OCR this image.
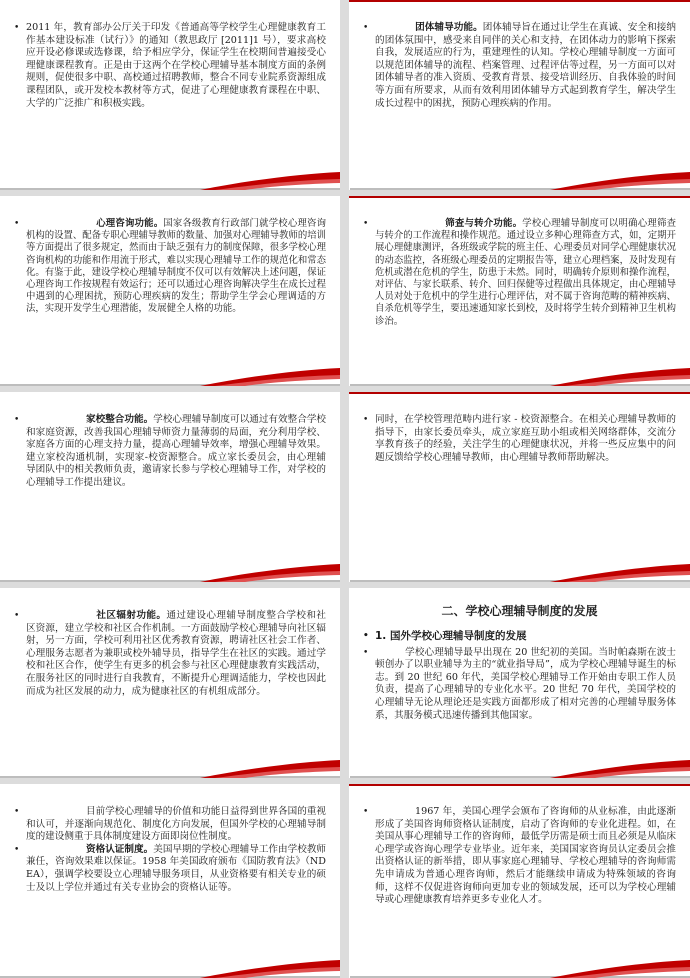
• 2011 年，教育部办公厅关于印发《普通高等学校学生心理健康教育工作基本建设标准（试行）》的通知（教思政厅 [2011]1 号），要求高校应开设必修课或选修课，给予相应学分，保证学生在校期间普遍接受心理健康课程教育。正是由于这两个在学校心理辅导基本制度方面的条例规则，促使很多中职、高校通过招聘教师，整合不同专业院系资源组成课程团队，或开发校本教材等方式，促进了心理健康教育课程在中职、大学的广泛推广和积极实践。
•	团体辅导功能。团体辅导旨在通过让学生在真诚、安全和接纳的团体氛围中，感受来自同伴的关心和支持，在团体动力的影响下探索自我，发展适应的行为，重建理性的认知。学校心理辅导制度一方面可以规范团体辅导的流程、档案管理、过程评估等过程，另一方面可以对团体辅导者的准入资质、受教育背景、接受培训经历、自我体验的时间等方面有所要求，从而有效利用团体辅导方式起到教育学生，解决学生成长过程中的困扰，预防心理疾病的作用。
•	心理咨询功能。国家各级教育行政部门就学校心理咨询机构的设置、配备专职心理辅导教师的数量、加强对心理辅导教师的培训等方面提出了很多规定，然而由于缺乏强有力的制度保障，很多学校心理咨询机构的功能和作用流于形式，难以实现心理辅导工作的规范化和常态化。有鉴于此，建设学校心理辅导制度不仅可以有效解决上述问题，保证心理咨询工作按规程有效运行；还可以通过心理咨询解决学生在成长过程中遇到的心理困扰，预防心理疾病的发生；帮助学生学会心理调适的方法，实现开发学生心理潜能，发展健全人格的功能。
•	筛查与转介功能。学校心理辅导制度可以明确心理筛查与转介的工作流程和操作规范。通过设立多种心理筛查方式，如，定期开展心理健康测评，各班级或学院的班主任、心理委员对同学心理健康状况的动态监控，各班级心理委员的定期报告等，建立心理档案，及时发现有危机或潜在危机的学生，防患于未然。同时，明确转介原则和操作流程，对评估、与家长联系、转介、回归保健等过程做出具体规定，由心理辅导人员对处于危机中的学生进行心理评估，对不属于咨询范畴的精神疾病、自杀危机等学生，要迅速通知家长到校，及时将学生转介到精神卫生机构诊治。
•	家校整合功能。学校心理辅导制度可以通过有效整合学校和家庭资源，改善我国心理辅导师资力量薄弱的局面，充分利用学校、家庭各方面的心理支持力量，提高心理辅导效率，增强心理辅导效果。建立家校沟通机制，实现家-校资源整合。成立家长委员会，由心理辅导团队中的相关教师负责，邀请家长参与学校心理辅导工作，对学校的心理辅导工作提出建议。
• 同时，在学校管理范畴内进行家 - 校资源整合。在相关心理辅导教师的指导下，由家长委员牵头，成立家庭互助小组或相关网络群体，交流分享教育孩子的经验，关注学生的心理健康状况，并将一些反应集中的问题反馈给学校心理辅导教师，由心理辅导教师帮助解决。
•	社区辐射功能。通过建设心理辅导制度整合学校和社区资源，建立学校和社区合作机制。一方面鼓励学校心理辅导向社区辐射，另一方面，学校可利用社区优秀教育资源，聘请社区社会工作者、心理服务志愿者为兼职或校外辅导员，指导学生在社区的实践。通过学校和社区合作，使学生有更多的机会参与社区心理健康教育实践活动，在服务社区的同时进行自我教育，不断提升心理调适能力，学校也因此而成为社区发展的动力，成为健康社区的有机组成部分。
二、学校心理辅导制度的发展
• 1. 国外学校心理辅导制度的发展
•	学校心理辅导最早出现在 20 世纪初的美国。当时帕森斯在波士顿创办了以职业辅导为主的“就业指导局”，成为学校心理辅导诞生的标志。到 20 世纪 60 年代，美国学校心理辅导工作开始由专职工作人员负责，提高了心理辅导的专业化水平。20 世纪 70 年代，美国学校的心理辅导无论从理论还是实践方面都形成了相对完善的心理辅导服务体系，其服务模式迅速传播到其他国家。
•	目前学校心理辅导的价值和功能日益得到世界各国的重视和认可，并逐渐向规范化、制度化方向发展，但国外学校的心理辅导制度的建设侧重于具体制度建设方面即岗位性制度。
•	资格认证制度。美国早期的学校心理辅导工作由学校教师兼任，咨询效果难以保证。1958 年美国政府颁布《国防教育法》（NDEA），强调学校要设立心理辅导服务项目，从业资格要有相关专业的硕士及以上学位并通过有关专业协会的资格认证等。
•	1967 年，美国心理学会颁布了咨询师的从业标准，由此逐渐形成了美国咨询师资格认证制度，启动了咨询师的专业化进程。如，在美国从事心理辅导工作的咨询师，最低学历需是硕士而且必须是从临床心理学或咨询心理学专业毕业。近年来，美国国家咨询员认定委员会推出资格认证的新举措，即从事家庭心理辅导、学校心理辅导的咨询师需先申请成为普通心理咨询师，然后才能继续申请成为特殊领域的咨询师，这样不仅促进咨询师向更加专业的领域发展，还可以为学校心理辅导或心理健康教育培养更多专业化人才。
